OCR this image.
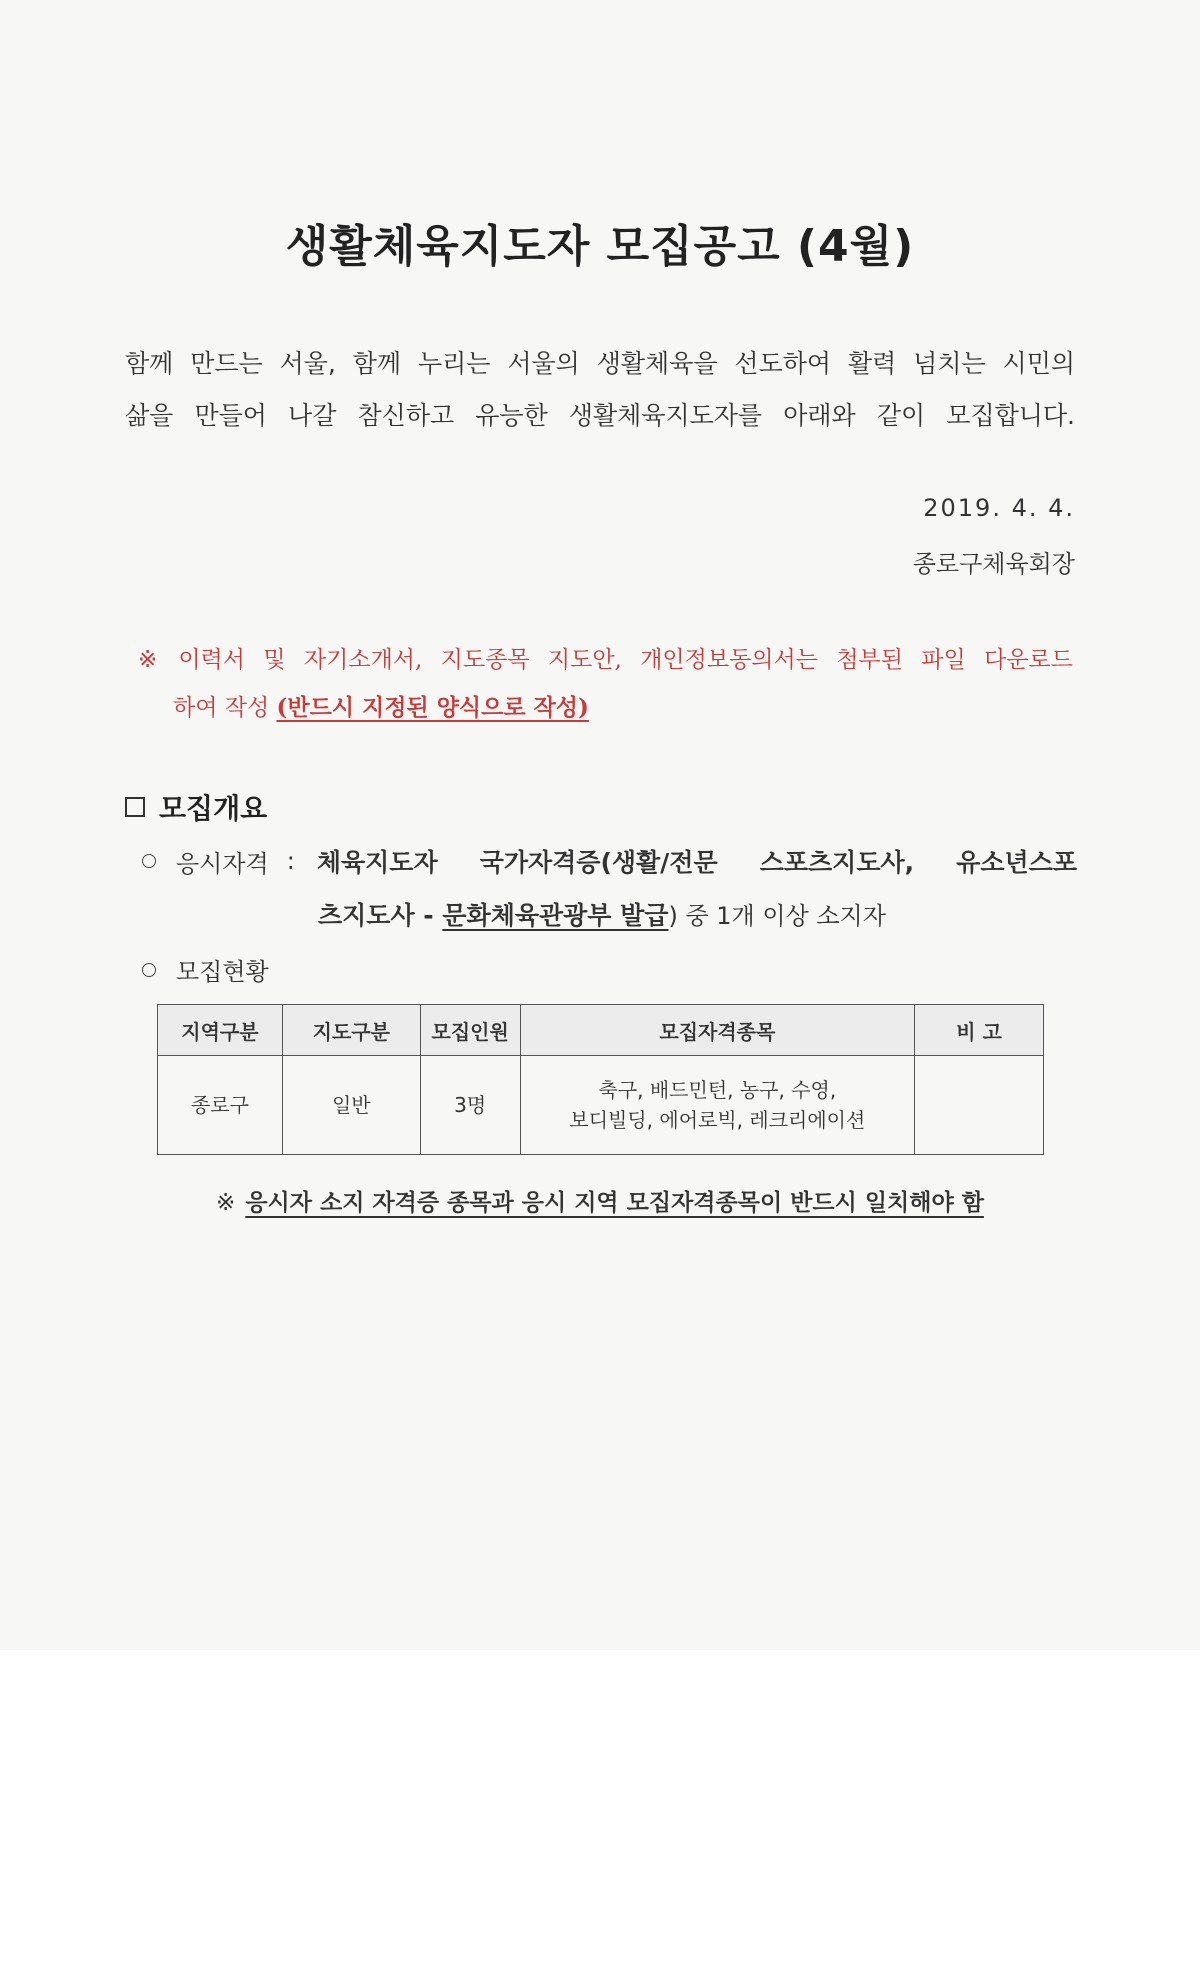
생활체육지도자 모집공고 (4월)
함께 만드는 서울, 함께 누리는 서울의 생활체육을 선도하여 활력 넘치는 시민의
삶을 만들어 나갈 참신하고 유능한 생활체육지도자를 아래와 같이 모집합니다.
2019. 4. 4.
종로구체육회장
※ 이력서 및 자기소개서, 지도종목 지도안, 개인정보동의서는 첨부된 파일 다운로드
하여 작성 (반드시 지정된 양식으로 작성)
모집개요
응시자격 : 체육지도자 국가자격증(생활/전문 스포츠지도사, 유소년스포
츠지도사 - 문화체육관광부 발급) 중 1개 이상 소지자
모집현황
지역구분	지도구분	모집인원	모집자격종목	비 고
종로구	일반	3명	축구, 배드민턴, 농구, 수영,
보디빌딩, 에어로빅, 레크리에이션	

※ 응시자 소지 자격증 종목과 응시 지역 모집자격종목이 반드시 일치해야 함
